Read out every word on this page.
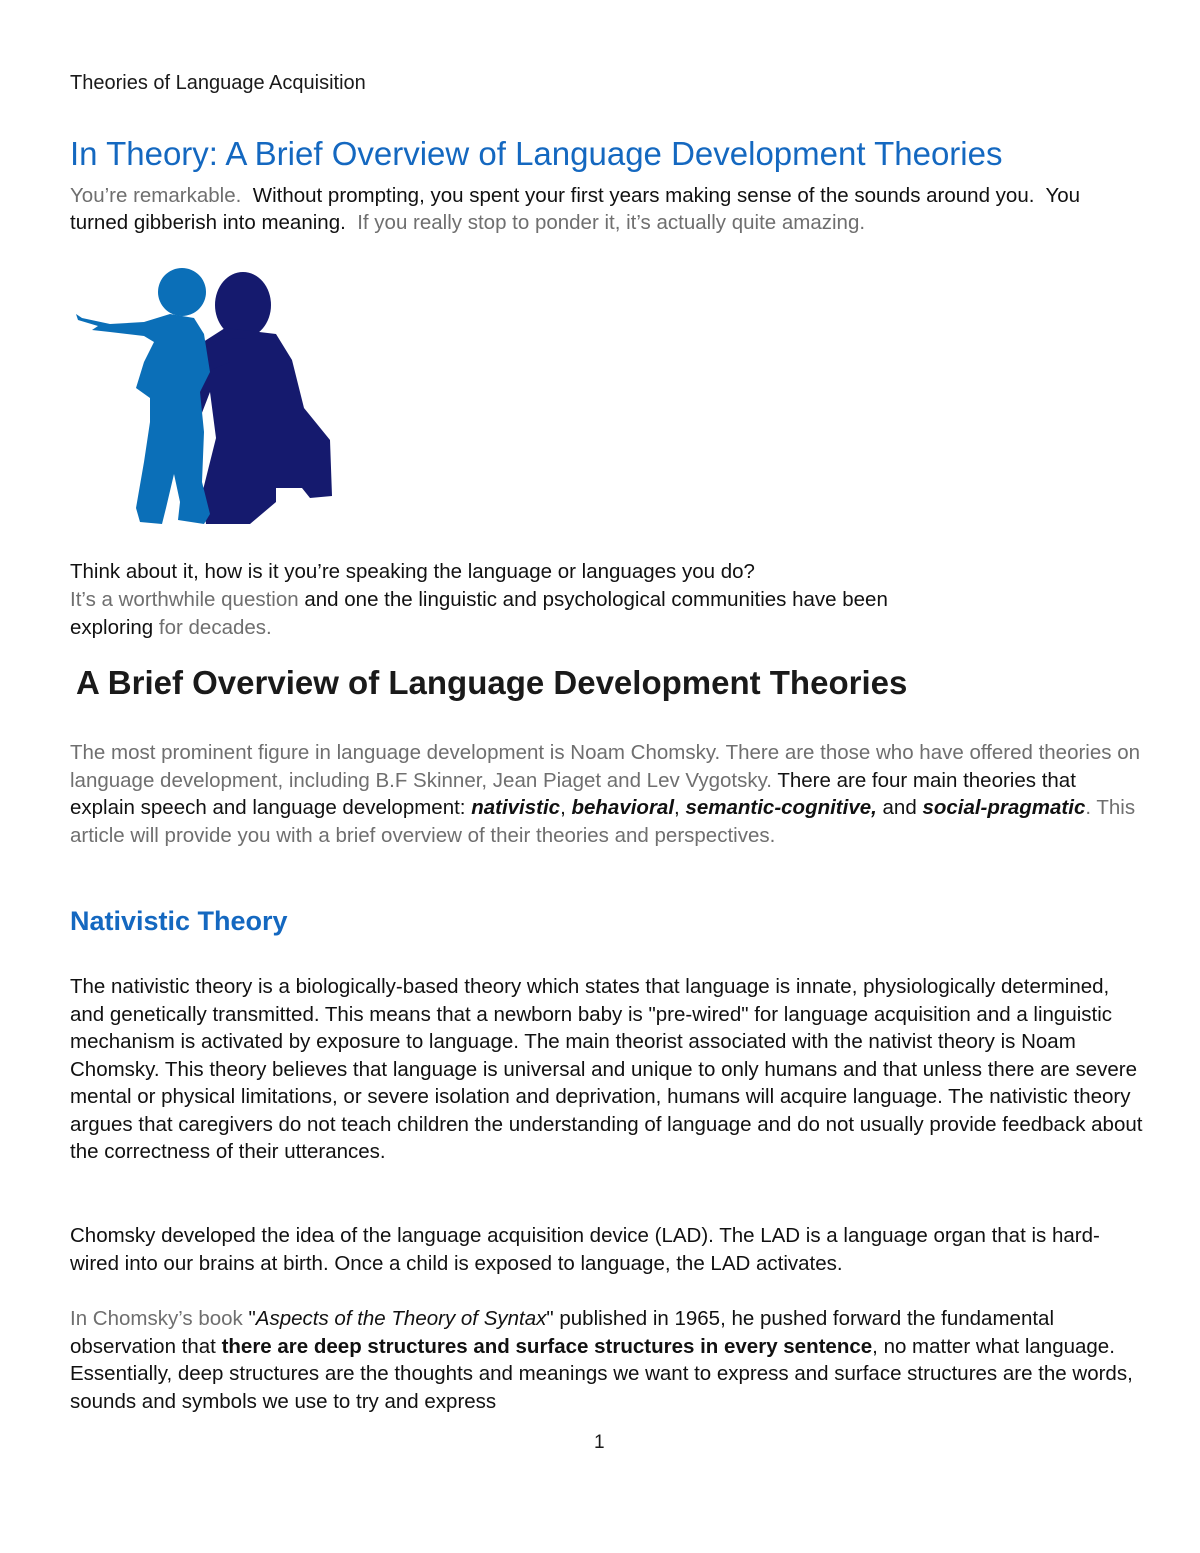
Theories of Language Acquisition
In Theory: A Brief Overview of Language Development Theories

You’re remarkable. Without prompting, you spent your first years making sense of the sounds around you. You turned gibberish into meaning. If you really stop to ponder it, it’s actually quite amazing.

Think about it, how is it you’re speaking the language or languages you do?
It’s a worthwhile question and one the linguistic and psychological communities have been
exploring for decades.

A Brief Overview of Language Development Theories

The most prominent figure in language development is Noam Chomsky. There are those who have offered theories on language development, including B.F Skinner, Jean Piaget and Lev Vygotsky. There are four main theories that explain speech and language development: nativistic, behavioral, semantic-cognitive, and social-pragmatic. This article will provide you with a brief overview of their theories and perspectives.

Nativistic Theory

The nativistic theory is a biologically-based theory which states that language is innate, physiologically determined, and genetically transmitted. This means that a newborn baby is "pre-wired" for language acquisition and a linguistic mechanism is activated by exposure to language. The main theorist associated with the nativist theory is Noam Chomsky. This theory believes that language is universal and unique to only humans and that unless there are severe mental or physical limitations, or severe isolation and deprivation, humans will acquire language. The nativistic theory argues that caregivers do not teach children the understanding of language and do not usually provide feedback about the correctness of their utterances.

Chomsky developed the idea of the language acquisition device (LAD). The LAD is a language organ that is hard-wired into our brains at birth. Once a child is exposed to language, the LAD activates.

In Chomsky’s book "Aspects of the Theory of Syntax" published in 1965, he pushed forward the fundamental observation that there are deep structures and surface structures in every sentence, no matter what language. Essentially, deep structures are the thoughts and meanings we want to express and surface structures are the words, sounds and symbols we use to try and express

1
